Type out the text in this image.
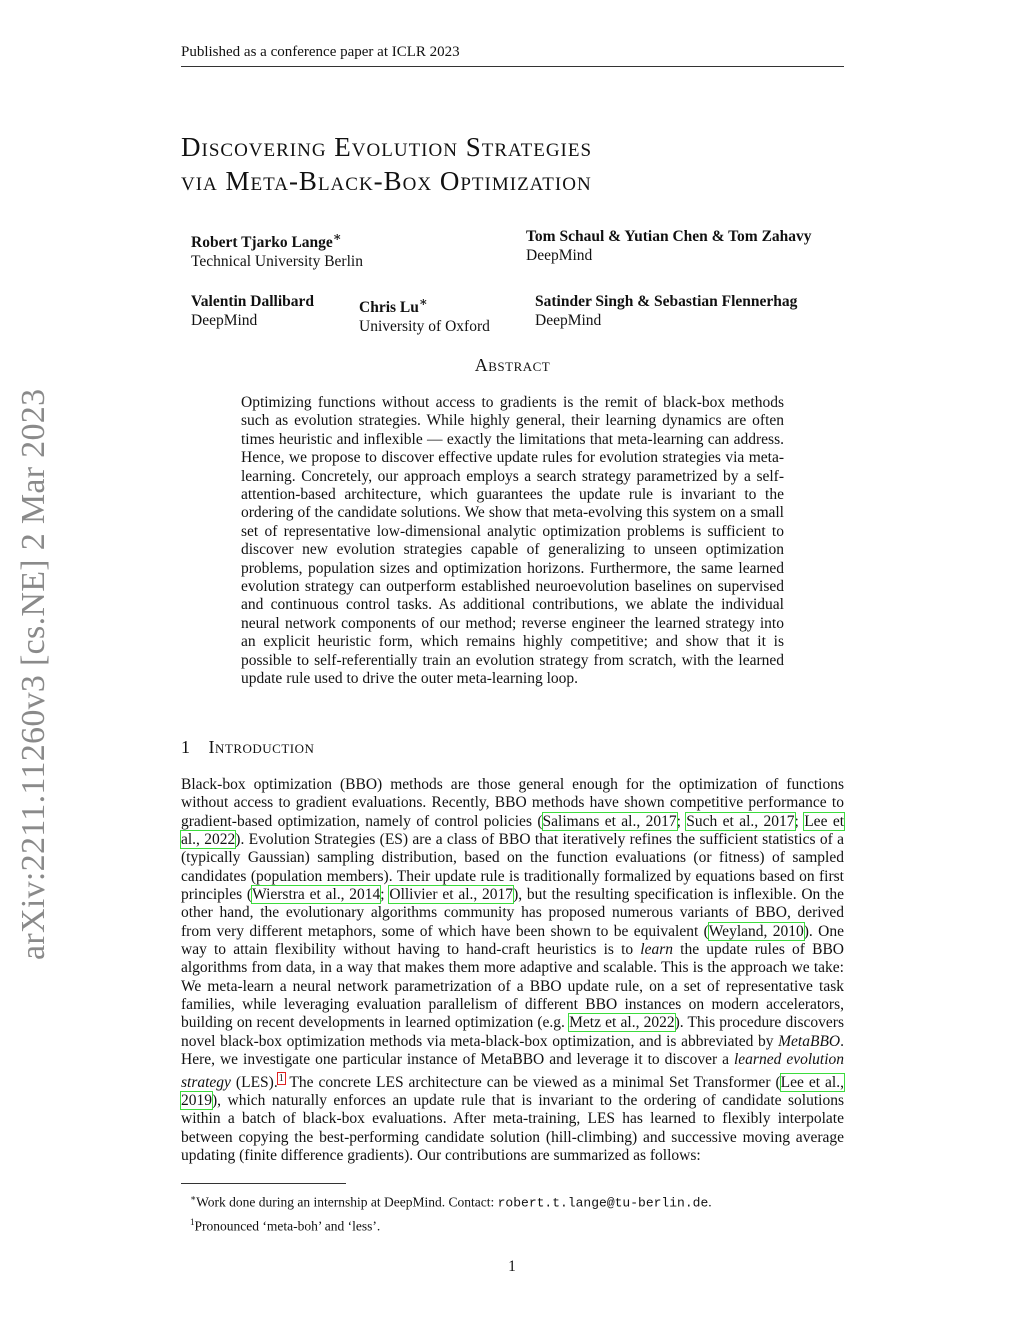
Published as a conference paper at ICLR 2023
arXiv:2211.11260v3 [cs.NE] 2 Mar 2023
Discovering Evolution Strategies
via Meta-Black-Box Optimization
Robert Tjarko Lange∗
Technical University Berlin
Tom Schaul & Yutian Chen & Tom Zahavy
DeepMind
Valentin Dallibard
DeepMind
Chris Lu∗
University of Oxford
Satinder Singh & Sebastian Flennerhag
DeepMind
Abstract
Optimizing functions without access to gradients is the remit of black-box methods such as evolution strategies. While highly general, their learning dynamics are often times heuristic and inflexible — exactly the limitations that meta-learning can address. Hence, we propose to discover effective update rules for evolution strategies via meta-learning. Concretely, our approach employs a search strategy parametrized by a self-attention-based architecture, which guarantees the update rule is invariant to the ordering of the candidate solutions. We show that meta-evolving this system on a small set of representative low-dimensional analytic optimization problems is sufficient to discover new evolution strategies capable of generalizing to unseen optimization problems, population sizes and optimization horizons. Furthermore, the same learned evolution strategy can outperform established neuroevolution baselines on supervised and continuous control tasks. As additional contributions, we ablate the individual neural network components of our method; reverse engineer the learned strategy into an explicit heuristic form, which remains highly competitive; and show that it is possible to self-referentially train an evolution strategy from scratch, with the learned update rule used to drive the outer meta-learning loop.
1 Introduction
Black-box optimization (BBO) methods are those general enough for the optimization of functions without access to gradient evaluations. Recently, BBO methods have shown competitive performance to gradient-based optimization, namely of control policies (Salimans et al., 2017; Such et al., 2017; Lee et al., 2022). Evolution Strategies (ES) are a class of BBO that iteratively refines the sufficient statistics of a (typically Gaussian) sampling distribution, based on the function evaluations (or fitness) of sampled candidates (population members). Their update rule is traditionally formalized by equations based on first principles (Wierstra et al., 2014; Ollivier et al., 2017), but the resulting specification is inflexible. On the other hand, the evolutionary algorithms community has proposed numerous variants of BBO, derived from very different metaphors, some of which have been shown to be equivalent (Weyland, 2010). One way to attain flexibility without having to hand-craft heuristics is to learn the update rules of BBO algorithms from data, in a way that makes them more adaptive and scalable. This is the approach we take: We meta-learn a neural network parametrization of a BBO update rule, on a set of representative task families, while leveraging evaluation parallelism of different BBO instances on modern accelerators, building on recent developments in learned optimization (e.g. Metz et al., 2022). This procedure discovers novel black-box optimization methods via meta-black-box optimization, and is abbreviated by MetaBBO. Here, we investigate one particular instance of MetaBBO and leverage it to discover a learned evolution strategy (LES).$^1$ The concrete LES architecture can be viewed as a minimal Set Transformer (Lee et al., 2019), which naturally enforces an update rule that is invariant to the ordering of candidate solutions within a batch of black-box evaluations. After meta-training, LES has learned to flexibly interpolate between copying the best-performing candidate solution (hill-climbing) and successive moving average updating (finite difference gradients). Our contributions are summarized as follows:
∗Work done during an internship at DeepMind. Contact: robert.t.lange@tu-berlin.de.
$^1$Pronounced ‘meta-boh’ and ‘less’.
1
